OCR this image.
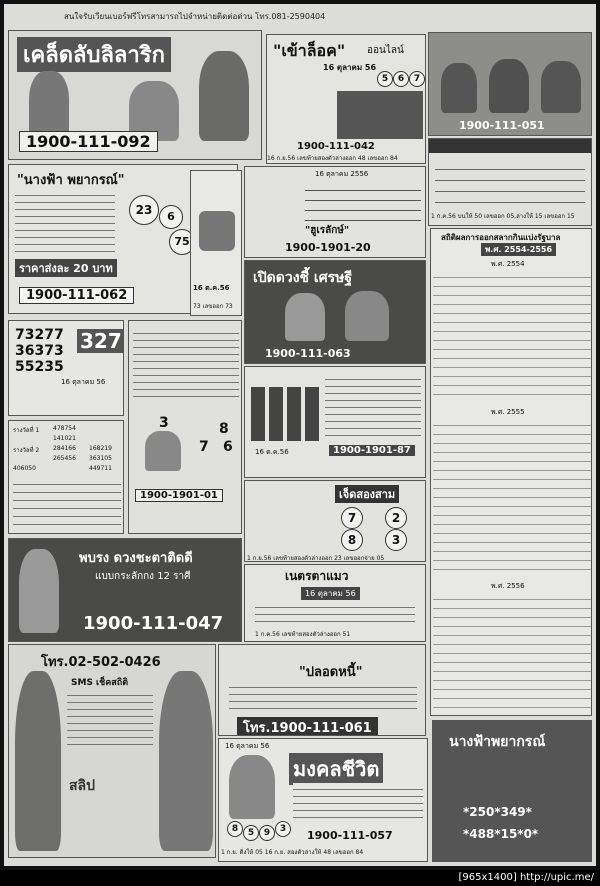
สนใจรับเวียนเบอร์ฟรีโทรสามารถไปจำหน่ายติดต่อด่วน โทร.081-2590404
เคล็ดลับลิลาริก
1900-111-092
"เข้าล็อค" ออนไลน์
16 ตุลาคม 56
5	6	7
1900-111-042
16 ก.ย.56 เลขท้ายสองตัวล่างออก 48 เลขออก 84
1900-111-051
1 ก.ค.56 บนให้ 50 เลขออก 05,ล่างให้ 15 เลขออก 15
"นางฟ้า พยากรณ์"
23	6
75
ราคาส่งละ 20 บาท
1900-111-062	16 ต.ค.56
73 เลขออก 73
16 ตุลาคม 2556
"ฮูเรลักษ์"
1900-1901-20
เปิดดวงชี้ เศรษฐี
1900-111-063
73277
36373
55235
327
16 ตุลาคม 56
รางวัลที่ 1 478754
141021
รางวัลที่ 2 284166 168219
265456 363105
406050	449711
3	8
7 6
1900-1901-01
1900-1901-87
16 ต.ค.56
เจ็ดสองสาม
7	2
8	3
1 ก.ย.56 เลขท้ายสองตัวล่างออก 23 เลขออกจ่าย 05
พบรง ดวงชะตาติดดี
แบบกระลักกง 12 ราศี
1900-111-047
เนตรตาแมว
16 ตุลาคม 56
1 ก.ค.56 เลขท้ายสองตัวล่างออก 51
โทร.02-502-0426
SMS เช็คสถิติ
สลิป
"ปลอดหนี้"
โทร.1900-111-061
16 ตุลาคม 56
มงคลชีวิต
8	5	9	3	1900-111-057
1 ก.ย. ดิ่งให้ 05 16 ก.ย. สองตัวล่างให้ 48 เลขออก 84
นางฟ้าพยากรณ์
*250*349*
*488*15*0*
สถิติผลการออกสลากกินแบ่งรัฐบาล
พ.ศ. 2554-2556
พ.ศ. 2554
พ.ศ. 2555
พ.ศ. 2556
[965x1400] http://upic.me/
